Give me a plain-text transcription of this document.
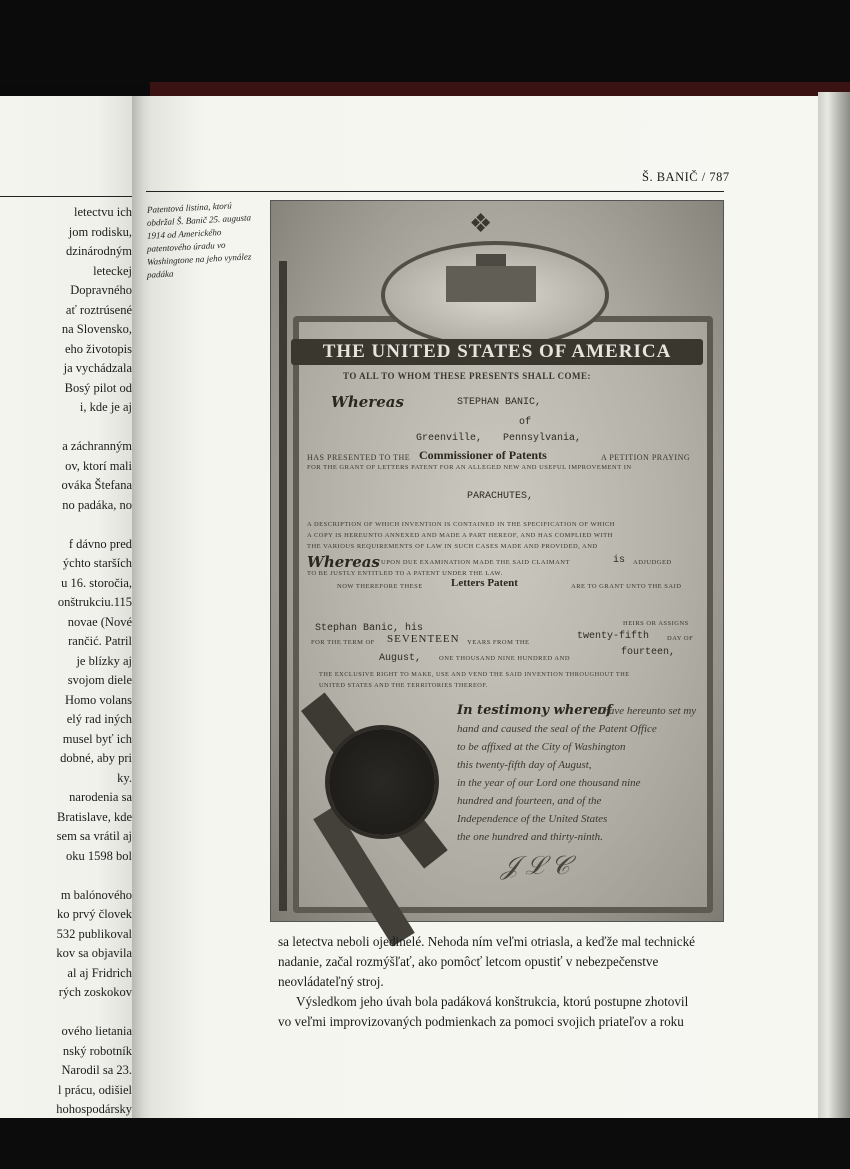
letectvu ich
jom rodisku,
dzinárodným
leteckej
Dopravného
ať roztrúsené
na Slovensko,
eho životopis
ja vychádzala
Bosý pilot od
i, kde je aj
a záchranným
ov, ktorí mali
ováka Štefana
no padáka, no
f dávno pred
ýchto starších
u 16. storočia,
onštrukciu.115
novae (Nové
rančić. Patril
je blízky aj
svojom diele
Homo volans
elý rad iných
musel byť ich
dobné, aby pri
ky.
narodenia sa
Bratislave, kde
sem sa vrátil aj
oku 1598 bol
m balónového
ko prvý človek
532 publikoval
kov sa objavila
al aj Fridrich
rých zoskokov
ového lietania
nský robotník
Narodil sa 23.
l prácu, odišiel
hohospodársky
Š. BANIČ / 787
Patentová listina, ktorú obdržal Š. Banič 25. augusta 1914 od Amerického patentového úradu vo Washingtone na jeho vynález padáka
❖
THE UNITED STATES OF AMERICA
TO ALL TO WHOM THESE PRESENTS SHALL COME:
Whereas	STEPHAN BANIC,
of
Greenville, Pennsylvania,
HAS PRESENTED TO THE Commissioner of Patents	A PETITION PRAYING
FOR THE GRANT OF LETTERS PATENT FOR AN ALLEGED NEW AND USEFUL IMPROVEMENT IN
PARACHUTES,
A DESCRIPTION OF WHICH INVENTION IS CONTAINED IN THE SPECIFICATION OF WHICH
A COPY IS HEREUNTO ANNEXED AND MADE A PART HEREOF, AND HAS COMPLIED WITH
THE VARIOUS REQUIREMENTS OF LAW IN SUCH CASES MADE AND PROVIDED, AND
Whereas UPON DUE EXAMINATION MADE THE SAID CLAIMANT	is ADJUDGED
TO BE JUSTLY ENTITLED TO A PATENT UNDER THE LAW.
NOW THEREFORE THESE	Letters Patent	ARE TO GRANT UNTO THE SAID
Stephan Banic, his	HEIRS OR ASSIGNS
FOR THE TERM OF SEVENTEEN YEARS FROM THE
twenty-fifth	DAY OF
August,	ONE THOUSAND NINE HUNDRED AND
fourteen,
THE EXCLUSIVE RIGHT TO MAKE, USE AND VEND THE SAID INVENTION THROUGHOUT THE
UNITED STATES AND THE TERRITORIES THEREOF.
In testimony whereof
I have hereunto set my
hand and caused the seal of the Patent Office
to be affixed at the City of Washington
this twenty-fifth day of August,
in the year of our Lord one thousand nine
hundred and fourteen, and of the
Independence of the United States
the one hundred and thirty-ninth.
𝒥 ℒ 𝒞
sa letectva neboli ojedinelé. Nehoda ním veľmi otriasla, a keďže mal technické
nadanie, začal rozmýšľať, ako pomôcť letcom opustiť v nebezpečenstve
neovládateľný stroj.
Výsledkom jeho úvah bola padáková konštrukcia, ktorú postupne zhotovil
vo veľmi improvizovaných podmienkach za pomoci svojich priateľov a roku
